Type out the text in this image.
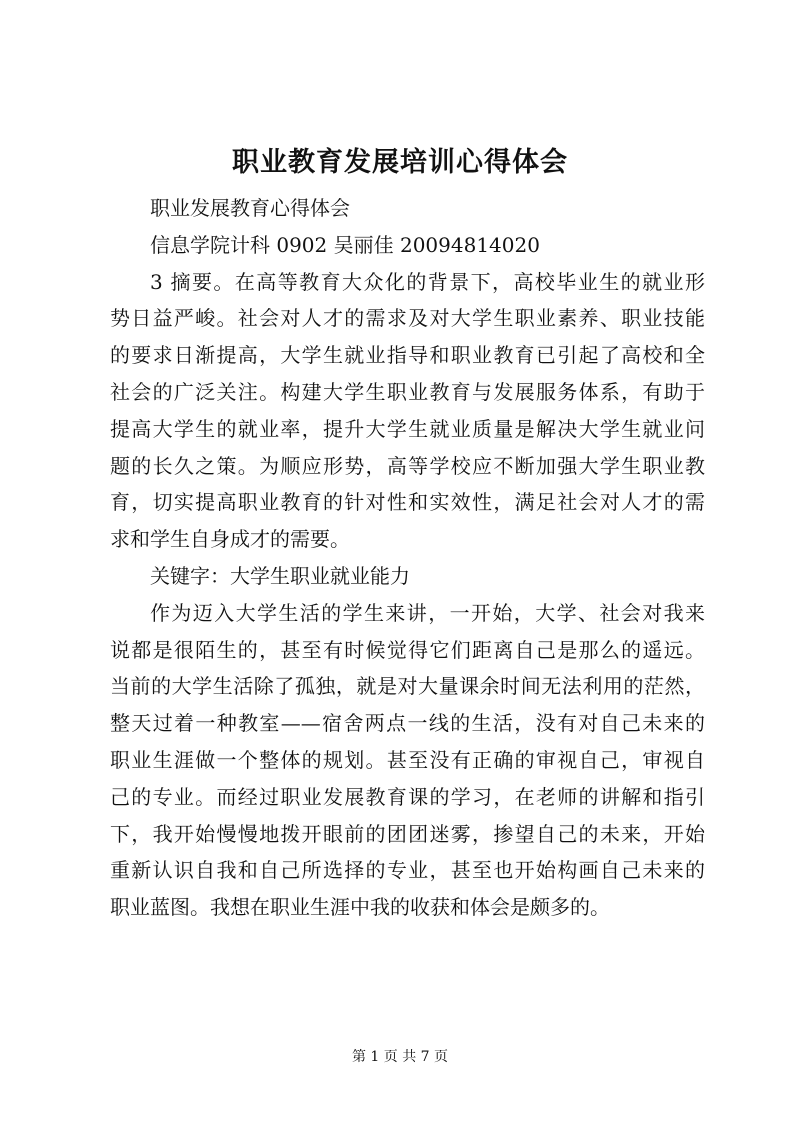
职业教育发展培训心得体会
职业发展教育心得体会
信息学院计科 0902 吴丽佳 20094814020
3 摘要。在高等教育大众化的背景下，高校毕业生的就业形
势日益严峻。社会对人才的需求及对大学生职业素养、职业技能
的要求日渐提高，大学生就业指导和职业教育已引起了高校和全
社会的广泛关注。构建大学生职业教育与发展服务体系，有助于
提高大学生的就业率，提升大学生就业质量是解决大学生就业问
题的长久之策。为顺应形势，高等学校应不断加强大学生职业教
育，切实提高职业教育的针对性和实效性，满足社会对人才的需
求和学生自身成才的需要。
关键字：大学生职业就业能力
作为迈入大学生活的学生来讲，一开始，大学、社会对我来
说都是很陌生的，甚至有时候觉得它们距离自己是那么的遥远。
当前的大学生活除了孤独，就是对大量课余时间无法利用的茫然，
整天过着一种教室——宿舍两点一线的生活，没有对自己未来的
职业生涯做一个整体的规划。甚至没有正确的审视自己，审视自
己的专业。而经过职业发展教育课的学习，在老师的讲解和指引
下，我开始慢慢地拨开眼前的团团迷雾，掺望自己的未来，开始
重新认识自我和自己所选择的专业，甚至也开始构画自己未来的
职业蓝图。我想在职业生涯中我的收获和体会是颇多的。
第 1 页 共 7 页
